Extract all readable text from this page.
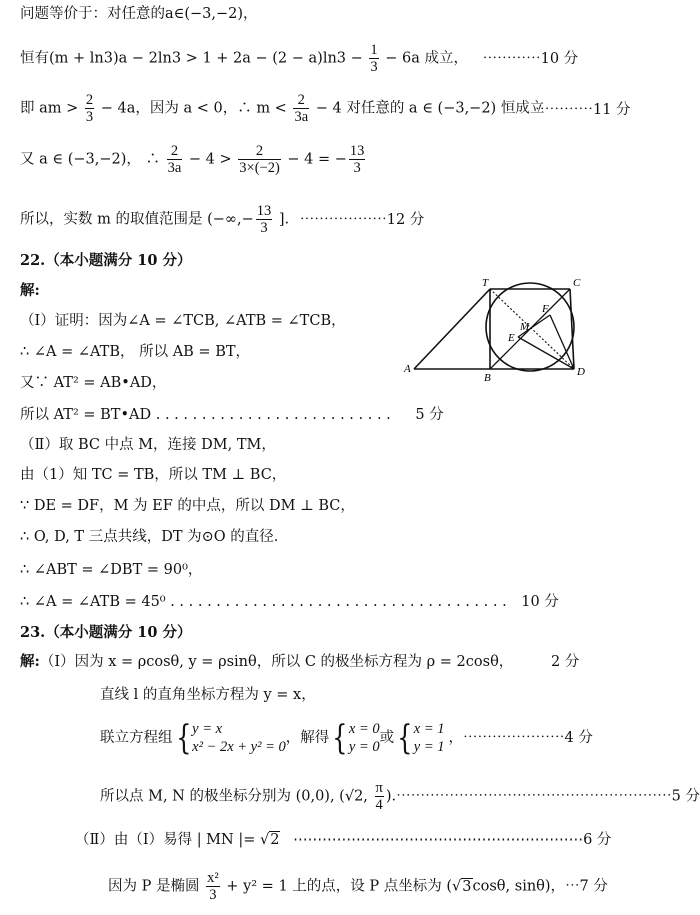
问题等价于：对任意的a∈(−3,−2)，
恒有$(m + \ln 3)a - 2\ln 3 > 1 + 2a - (2 - a)\ln 3 - \frac{1}{3} - 6a$ 成立， ⋯⋯⋯⋯10 分
即 am > $\frac{2}{3} - 4a$，因为 a < 0，∴ $m < \frac{2}{3a} - 4$ 对任意的 a ∈ (−3,−2) 恒成立
⋯⋯⋯⋯11 分
又 a ∈ (−3,−2)， ∴ $\frac{2}{3a} - 4 > \frac{2}{3\times(-2)} - 4$ = − $\frac{13}{3}$
所以，实数 m 的取值范围是 (−∞,− $\frac{13}{3}$ ]. ⋯⋯⋯⋯⋯⋯12 分
22.（本小题满分 10 分）
解:
（Ⅰ）证明：因为∠A = ∠TCB, ∠ATB = ∠TCB，
∴ ∠A = ∠ATB， 所以 AB = BT，
又∵ AT² = AB•AD，
所以 AT² = BT•AD . . . . . . . . . . . . . . . . . . . . . . . . . . 5 分
（Ⅱ）取 BC 中点 M，连接 DM, TM，
由（1）知 TC = TB，所以 TM ⊥ BC，
∵ DE = DF，M 为 EF 的中点，所以 DM ⊥ BC，
∴ O, D, T 三点共线，DT 为⊙O 的直径.
∴ ∠ABT = ∠DBT = 90⁰，
∴ ∠A = ∠ATB = 45⁰ . . . . . . . . . . . . . . . . . . . . . . . . . . . . . . . . . . . . . 10 分
T	C
F
M
E
A
B	D
23.（本小题满分 10 分）
解:（Ⅰ）因为 x = ρcosθ, y = ρsinθ，所以 C 的极坐标方程为 ρ = 2cosθ，	2 分
直线 l 的直角坐标方程为 y = x，
联立方程组{ y = x
x² − 2x + y² = 0
，解得{ x = 0
y = 0
或{ x = 1
y = 1
，⋯⋯⋯⋯⋯⋯⋯4 分
所以点 M, N 的极坐标分别为 (0,0), (√2, $\frac{\pi}{4}$ ).⋯⋯⋯⋯⋯⋯⋯⋯⋯⋯⋯⋯⋯⋯⋯⋯⋯⋯⋯5 分
（Ⅱ）由（Ⅰ）易得 | MN |= √2 ⋯⋯⋯⋯⋯⋯⋯⋯⋯⋯⋯⋯⋯⋯⋯⋯⋯⋯⋯⋯6 分
因为 P 是椭圆 $\frac{\text{x²}}{3} + y^2 = 1$ 上的点，设 P 点坐标为 (√3cosθ, sinθ)，⋯7 分
